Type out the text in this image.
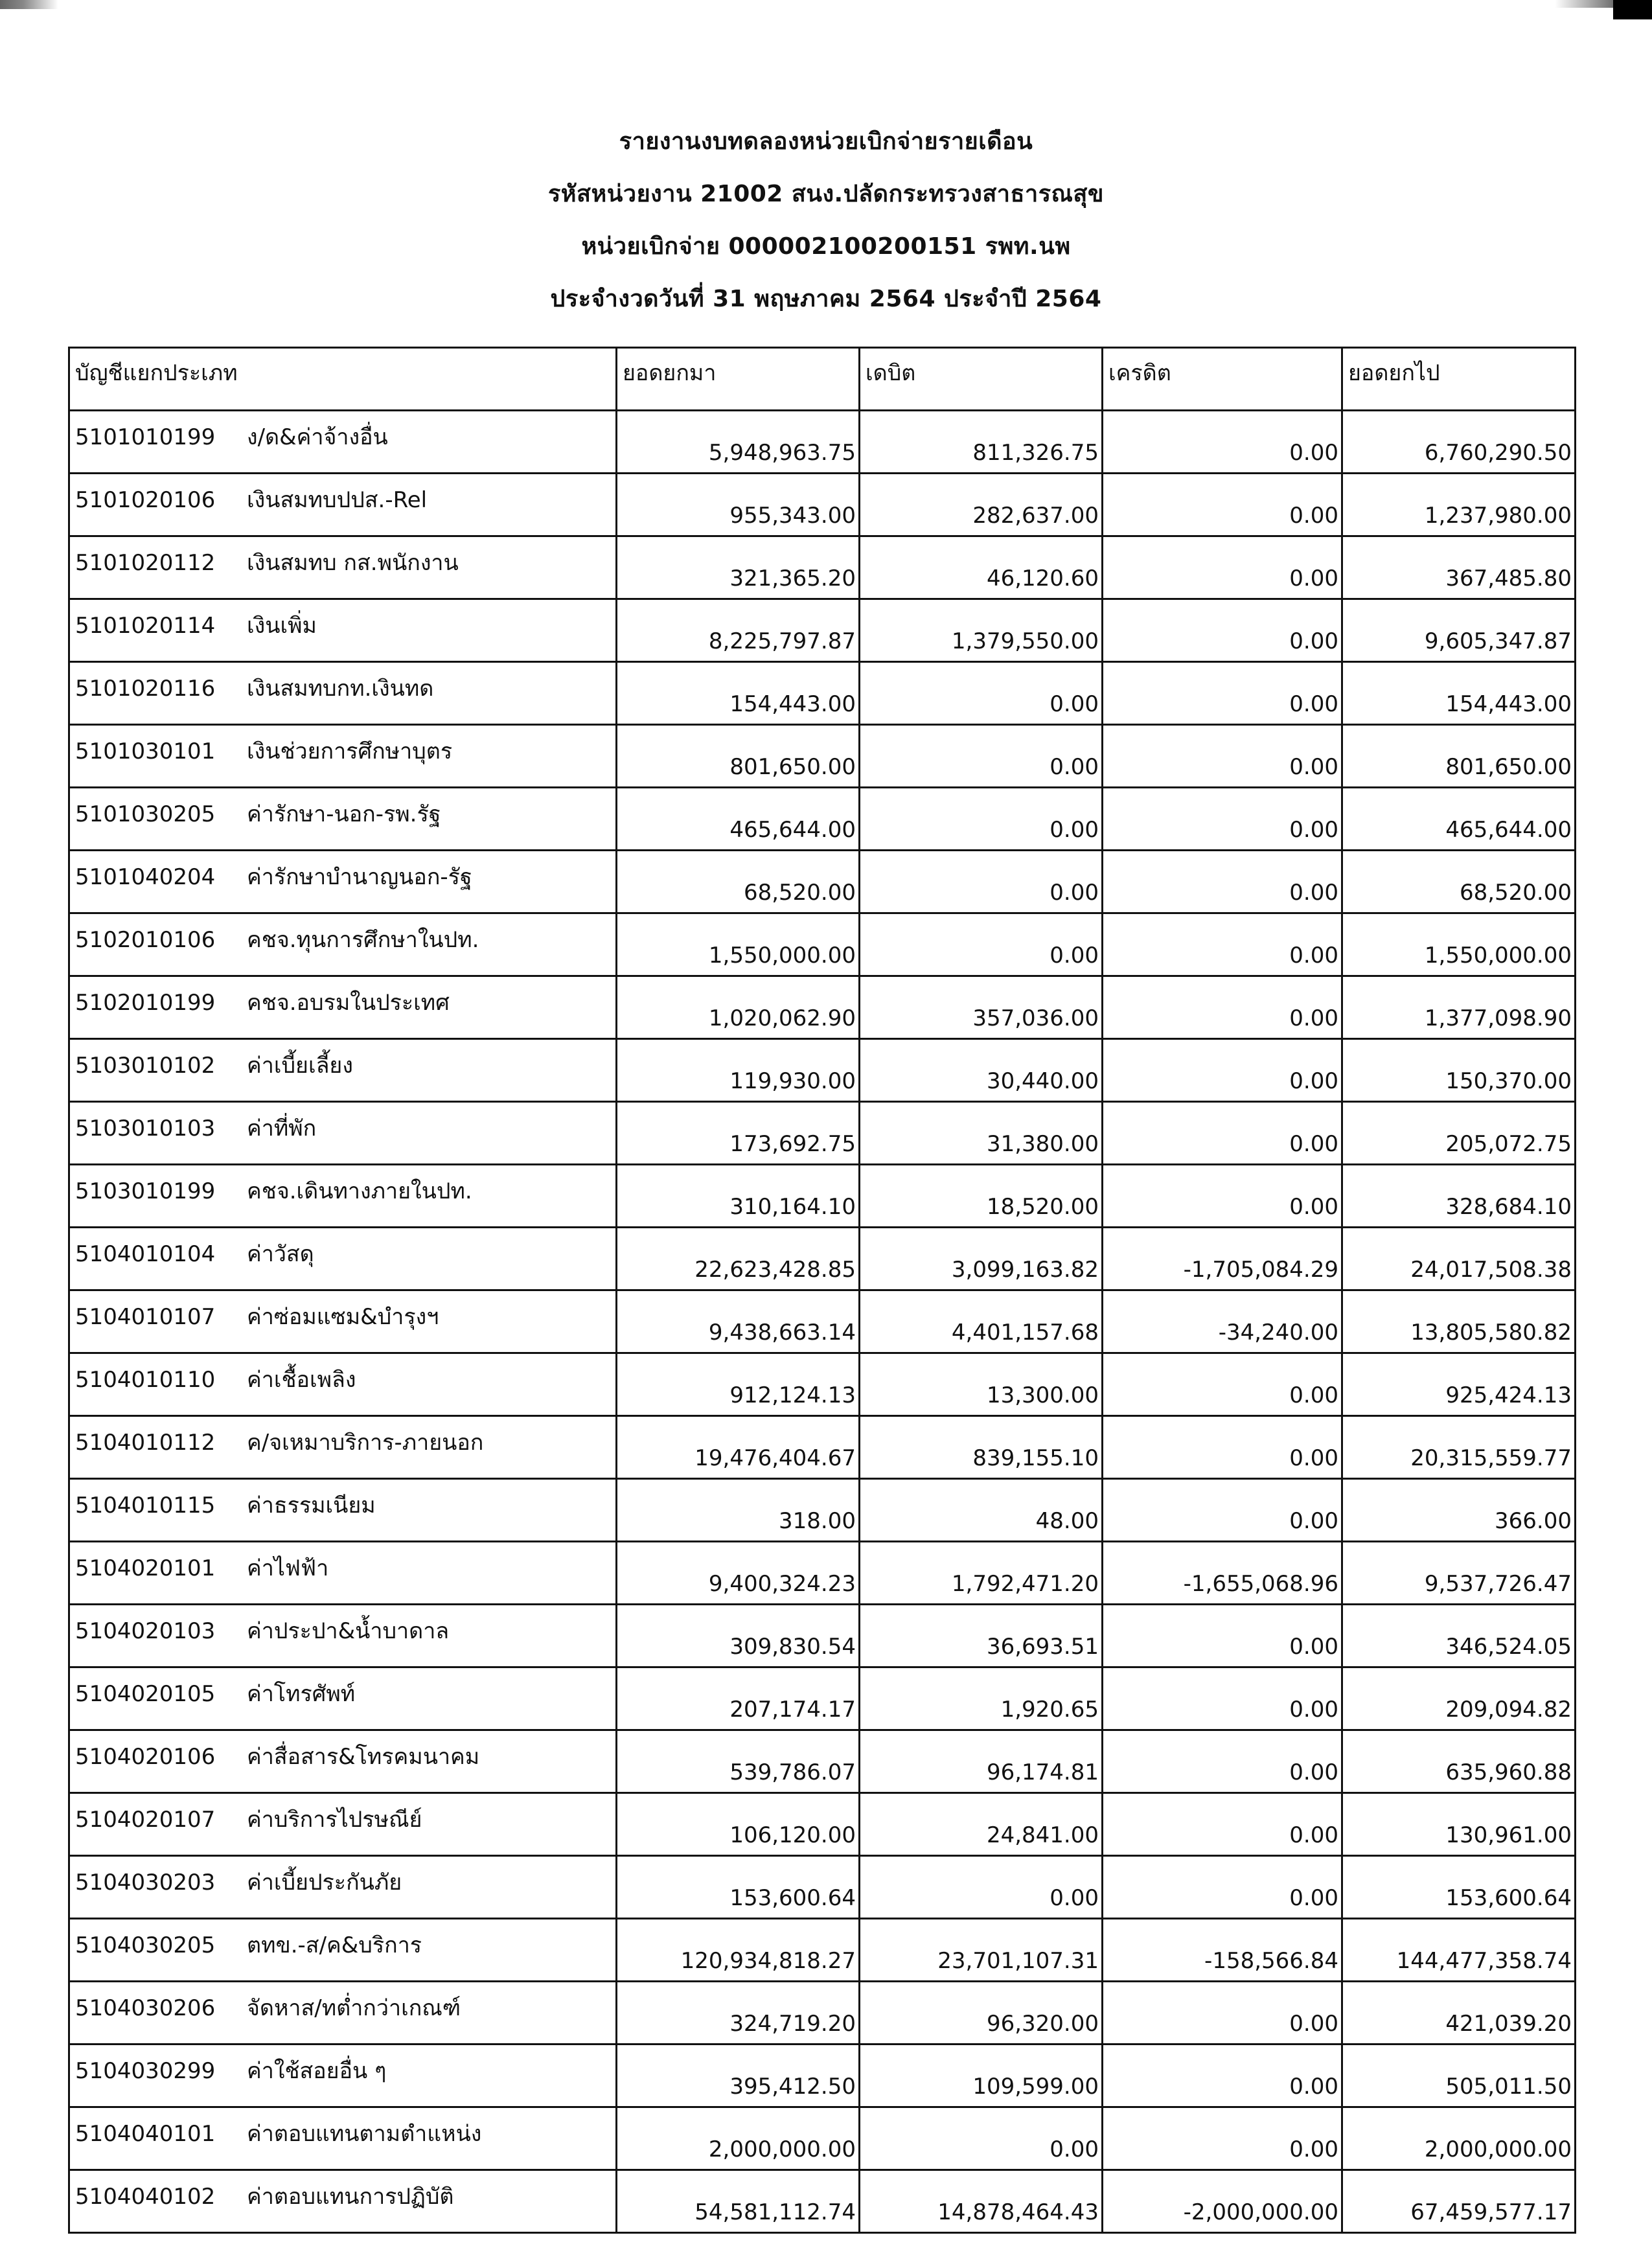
รายงานงบทดลองหน่วยเบิกจ่ายรายเดือน
รหัสหน่วยงาน 21002 สนง.ปลัดกระทรวงสาธารณสุข
หน่วยเบิกจ่าย 000002100200151 รพท.นพ
ประจำงวดวันที่ 31 พฤษภาคม 2564 ประจำปี 2564
บัญชีแยกประเภท	ยอดยกมา	เดบิต	เครดิต	ยอดยกไป
5101010199 ง/ด&ค่าจ้างอื่น	5,948,963.75	811,326.75	0.00	6,760,290.50
5101020106 เงินสมทบปปส.-Rel	955,343.00	282,637.00	0.00	1,237,980.00
5101020112 เงินสมทบ กส.พนักงาน	321,365.20	46,120.60	0.00	367,485.80
5101020114 เงินเพิ่ม	8,225,797.87	1,379,550.00	0.00	9,605,347.87
5101020116 เงินสมทบกท.เงินทด	154,443.00	0.00	0.00	154,443.00
5101030101 เงินช่วยการศึกษาบุตร	801,650.00	0.00	0.00	801,650.00
5101030205 ค่ารักษา-นอก-รพ.รัฐ	465,644.00	0.00	0.00	465,644.00
5101040204 ค่ารักษาบำนาญนอก-รัฐ	68,520.00	0.00	0.00	68,520.00
5102010106 คชจ.ทุนการศึกษาในปท.	1,550,000.00	0.00	0.00	1,550,000.00
5102010199 คชจ.อบรมในประเทศ	1,020,062.90	357,036.00	0.00	1,377,098.90
5103010102 ค่าเบี้ยเลี้ยง	119,930.00	30,440.00	0.00	150,370.00
5103010103 ค่าที่พัก	173,692.75	31,380.00	0.00	205,072.75
5103010199 คชจ.เดินทางภายในปท.	310,164.10	18,520.00	0.00	328,684.10
5104010104 ค่าวัสดุ	22,623,428.85	3,099,163.82	-1,705,084.29	24,017,508.38
5104010107 ค่าซ่อมแซม&บำรุงฯ	9,438,663.14	4,401,157.68	-34,240.00	13,805,580.82
5104010110 ค่าเชื้อเพลิง	912,124.13	13,300.00	0.00	925,424.13
5104010112 ค/จเหมาบริการ-ภายนอก	19,476,404.67	839,155.10	0.00	20,315,559.77
5104010115 ค่าธรรมเนียม	318.00	48.00	0.00	366.00
5104020101 ค่าไฟฟ้า	9,400,324.23	1,792,471.20	-1,655,068.96	9,537,726.47
5104020103 ค่าประปา&น้ำบาดาล	309,830.54	36,693.51	0.00	346,524.05
5104020105 ค่าโทรศัพท์	207,174.17	1,920.65	0.00	209,094.82
5104020106 ค่าสื่อสาร&โทรคมนาคม	539,786.07	96,174.81	0.00	635,960.88
5104020107 ค่าบริการไปรษณีย์	106,120.00	24,841.00	0.00	130,961.00
5104030203 ค่าเบี้ยประกันภัย	153,600.64	0.00	0.00	153,600.64
5104030205 ตทข.-ส/ค&บริการ	120,934,818.27	23,701,107.31	-158,566.84	144,477,358.74
5104030206 จัดหาส/ทต่ำกว่าเกณฑ์	324,719.20	96,320.00	0.00	421,039.20
5104030299 ค่าใช้สอยอื่น ๆ	395,412.50	109,599.00	0.00	505,011.50
5104040101 ค่าตอบแทนตามตำแหน่ง	2,000,000.00	0.00	0.00	2,000,000.00
5104040102 ค่าตอบแทนการปฏิบัติ	54,581,112.74	14,878,464.43	-2,000,000.00	67,459,577.17
